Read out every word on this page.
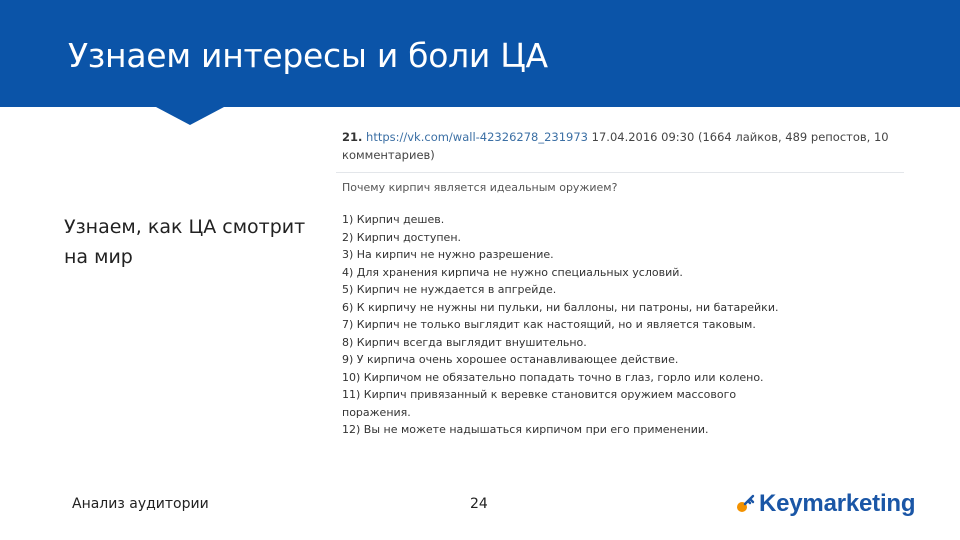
Узнаем интересы и боли ЦА
Узнаем, как ЦА смотрит на мир
21. https://vk.com/wall-42326278_231973 17.04.2016 09:30 (1664 лайков, 489 репостов, 10 комментариев)
Почему кирпич является идеальным оружием?
1) Кирпич дешев.
2) Кирпич доступен.
3) На кирпич не нужно разрешение.
4) Для хранения кирпича не нужно специальных условий.
5) Кирпич не нуждается в апгрейде.
6) К кирпичу не нужны ни пульки, ни баллоны, ни патроны, ни батарейки.
7) Кирпич не только выглядит как настоящий, но и является таковым.
8) Кирпич всегда выглядит внушительно.
9) У кирпича очень хорошее останавливающее действие.
10) Кирпичом не обязательно попадать точно в глаз, горло или колено.
11) Кирпич привязанный к веревке становится оружием массового поражения.
12) Вы не можете надышаться кирпичом при его применении.
Анализ аудитории	24	Keymarketing
